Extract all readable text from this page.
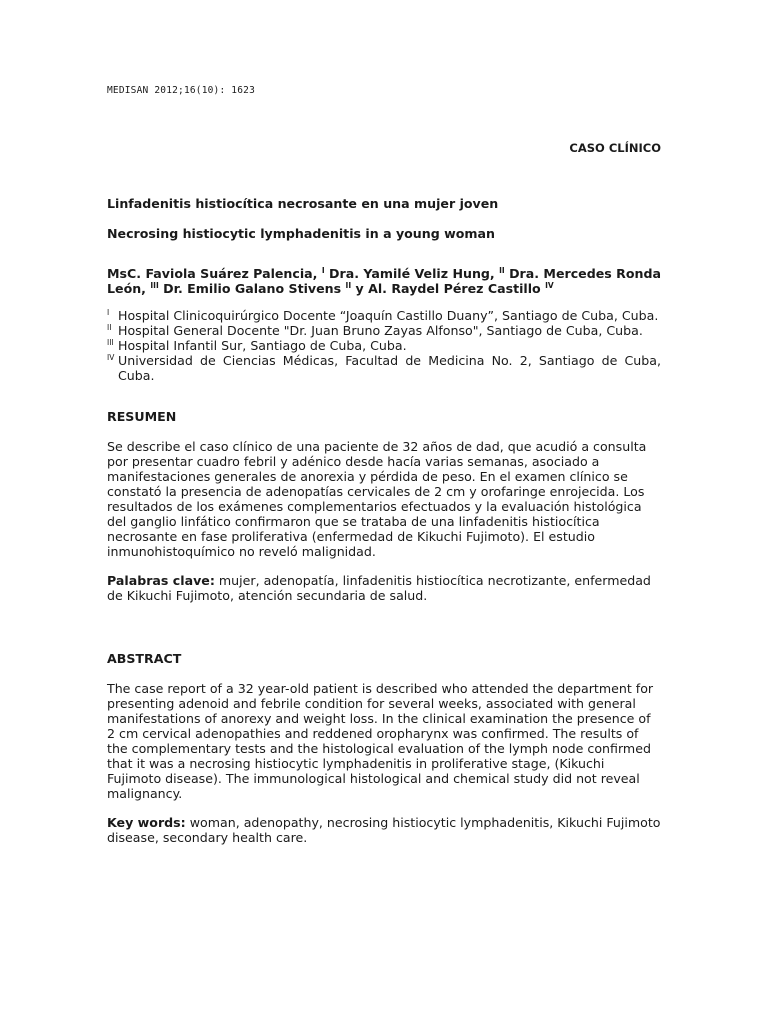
MEDISAN 2012;16(10): 1623
CASO CLÍNICO
Linfadenitis histiocítica necrosante en una mujer joven
Necrosing histiocytic lymphadenitis in a young woman
MsC. Faviola Suárez Palencia, $^I$ Dra. Yamilé Veliz Hung, $^{II}$ Dra. Mercedes Ronda León, $^{III}$ Dr. Emilio Galano Stivens $^{II}$ y Al. Raydel Pérez Castillo $^{IV}$
I Hospital Clinicoquirúrgico Docente “Joaquín Castillo Duany”, Santiago de Cuba, Cuba.
II Hospital General Docente "Dr. Juan Bruno Zayas Alfonso", Santiago de Cuba, Cuba.
III Hospital Infantil Sur, Santiago de Cuba, Cuba.
IV Universidad de Ciencias Médicas, Facultad de Medicina No. 2, Santiago de Cuba, Cuba.
RESUMEN
Se describe el caso clínico de una paciente de 32 años de dad, que acudió a consulta por presentar cuadro febril y adénico desde hacía varias semanas, asociado a manifestaciones generales de anorexia y pérdida de peso. En el examen clínico se constató la presencia de adenopatías cervicales de 2 cm y orofaringe enrojecida. Los resultados de los exámenes complementarios efectuados y la evaluación histológica del ganglio linfático confirmaron que se trataba de una linfadenitis histiocítica necrosante en fase proliferativa (enfermedad de Kikuchi Fujimoto). El estudio inmunohistoquímico no reveló malignidad.
Palabras clave: mujer, adenopatía, linfadenitis histiocítica necrotizante, enfermedad de Kikuchi Fujimoto, atención secundaria de salud.
ABSTRACT
The case report of a 32 year-old patient is described who attended the department for presenting adenoid and febrile condition for several weeks, associated with general manifestations of anorexy and weight loss. In the clinical examination the presence of 2 cm cervical adenopathies and reddened oropharynx was confirmed. The results of the complementary tests and the histological evaluation of the lymph node confirmed that it was a necrosing histiocytic lymphadenitis in proliferative stage, (Kikuchi Fujimoto disease). The immunological histological and chemical study did not reveal malignancy.
Key words: woman, adenopathy, necrosing histiocytic lymphadenitis, Kikuchi Fujimoto disease, secondary health care.
